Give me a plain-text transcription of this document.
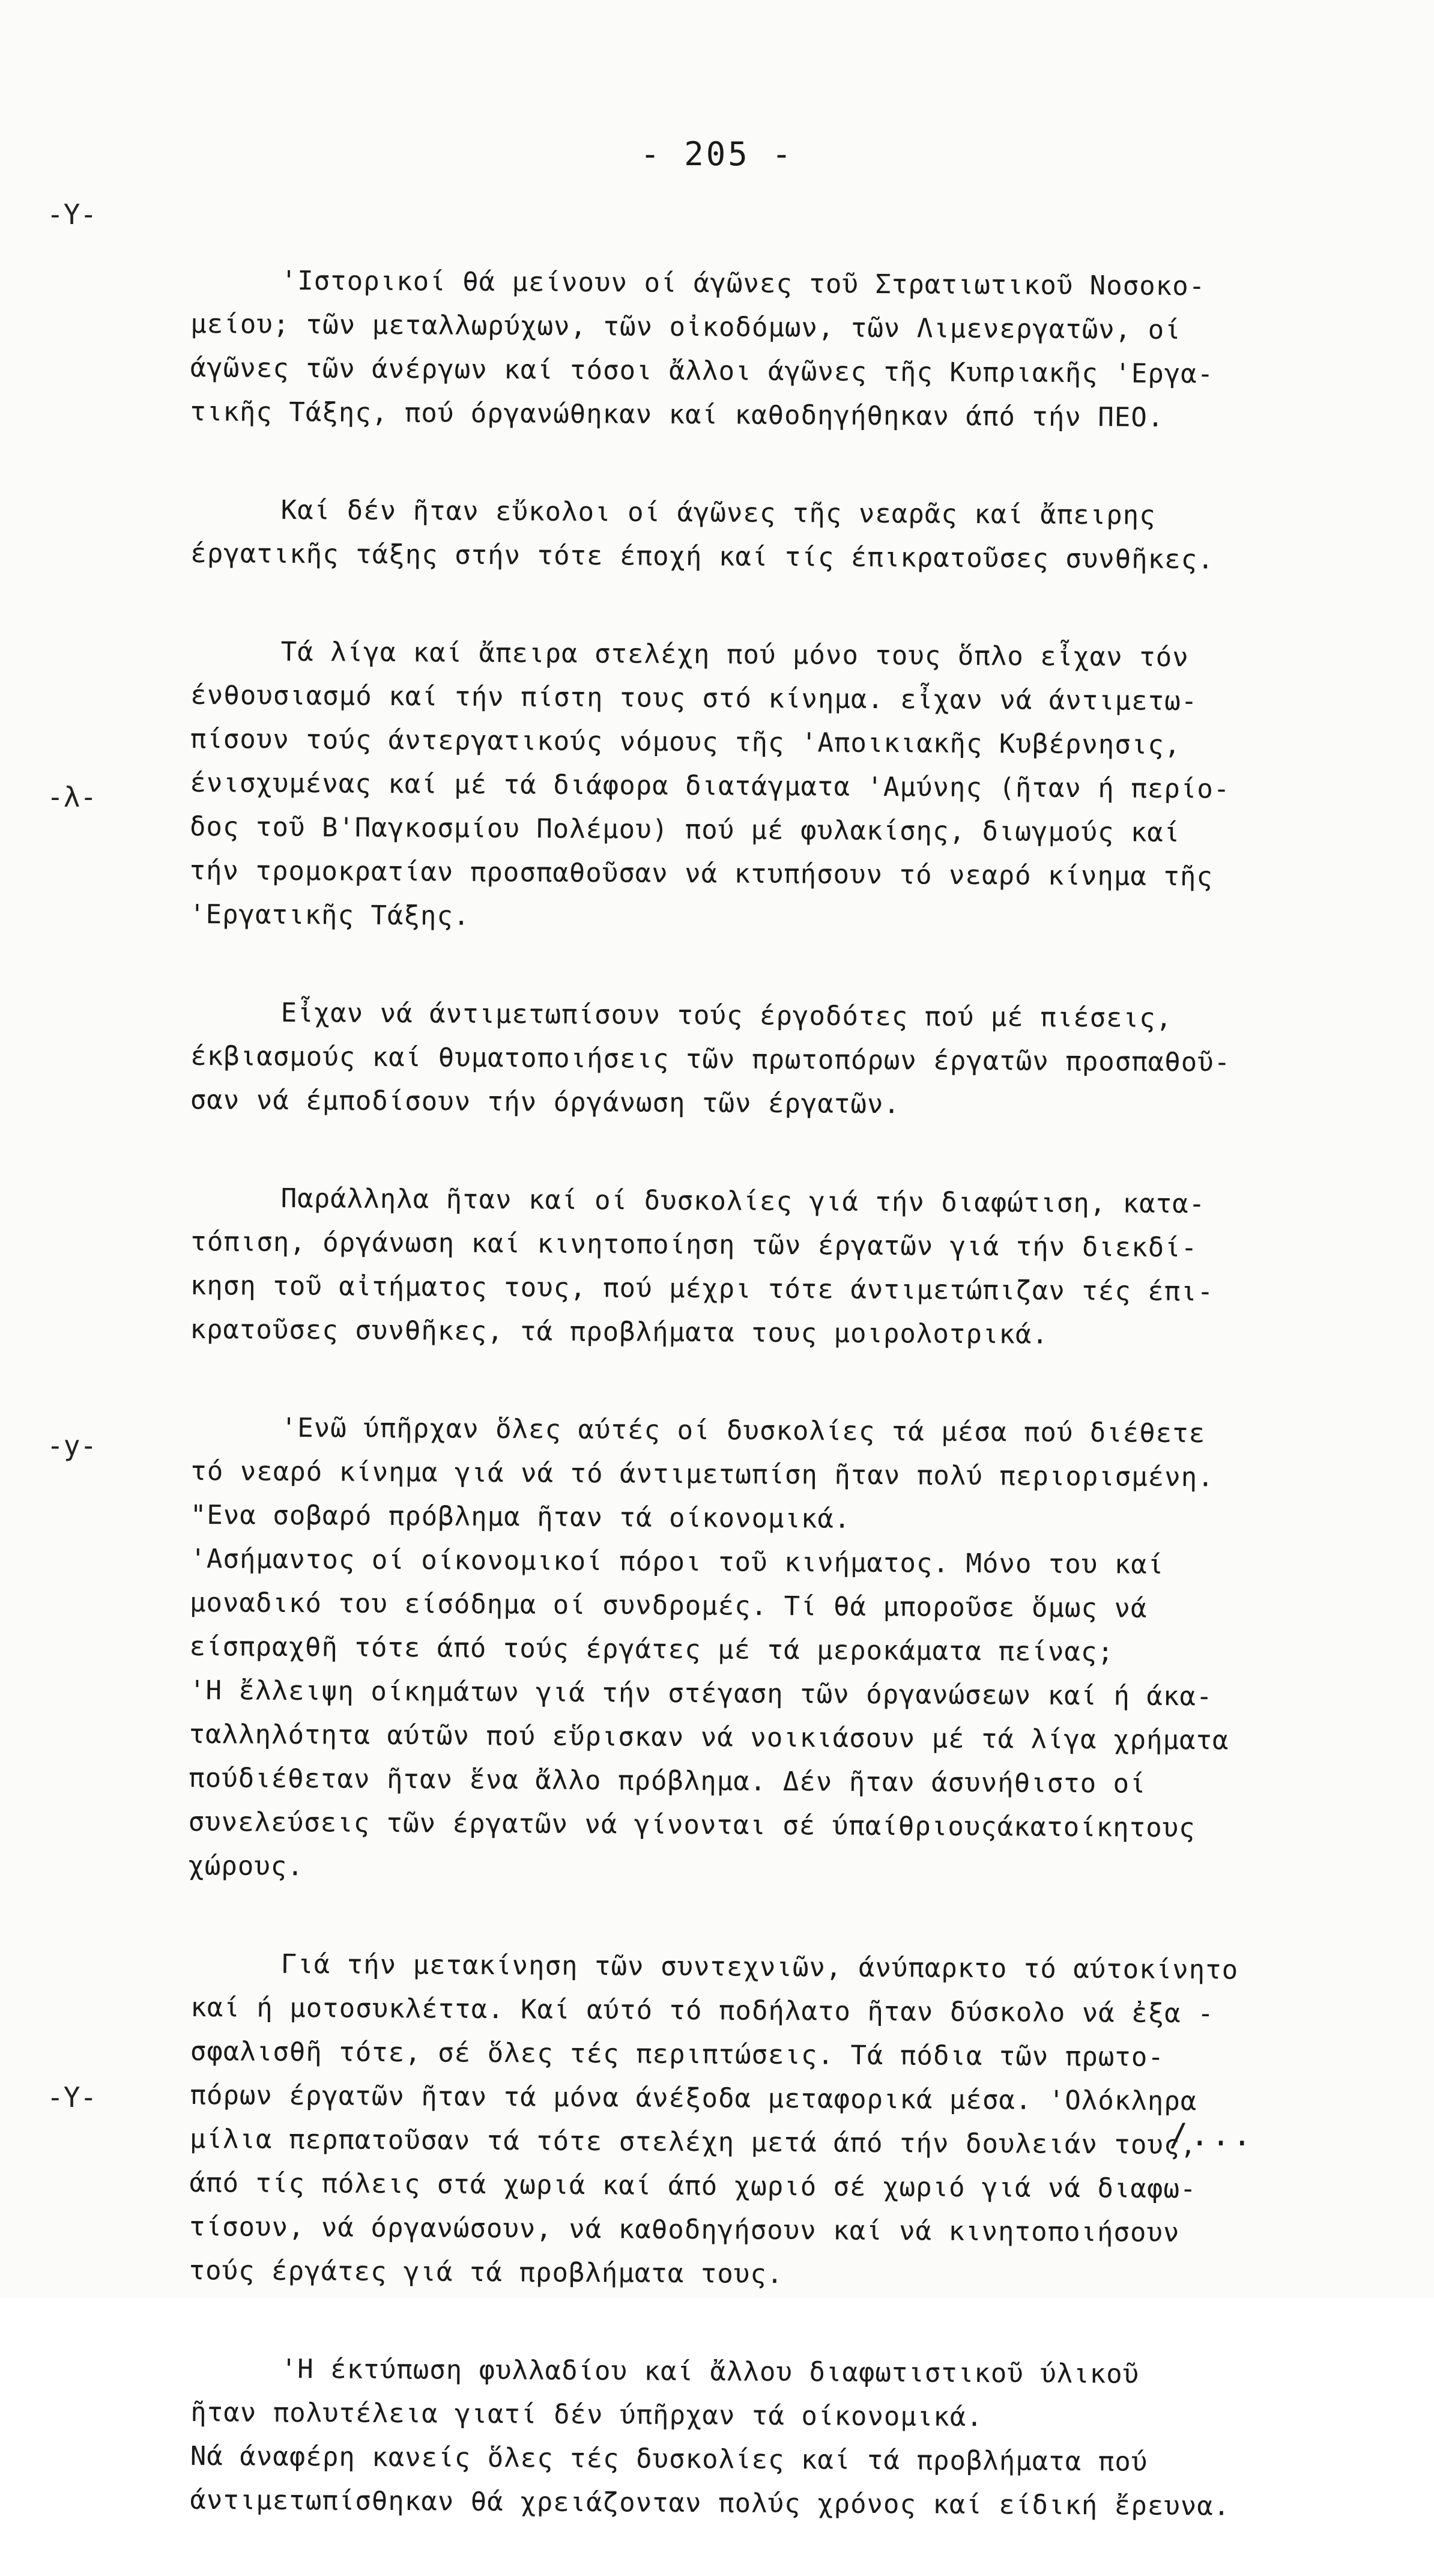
- 205 -
-Y-
-λ-
-y-
-Y-
'Ιστορικοί θά μείνουν οί άγῶνες τοῦ Στρατιωτικοῦ Νοσοκο-
μείου; τῶν μεταλλωρύχων, τῶν οἰκοδόμων, τῶν Λιμενεργατῶν, οί
άγῶνες τῶν άνέργων καί τόσοι ἄλλοι άγῶνες τῆς Κυπριακῆς 'Εργα-
τικῆς Τάξης, πού όργανώθηκαν καί καθοδηγήθηκαν άπό τήν ΠΕΟ.
Καί δέν ῆταν εὔκολοι οί άγῶνες τῆς νεαρᾶς καί ἄπειρης
έργατικῆς τάξης στήν τότε έποχή καί τίς έπικρατοῦσες συνθῆκες.
Τά λίγα καί ἄπειρα στελέχη πού μόνο τους ὅπλο εἶχαν τόν
ένθουσιασμό καί τήν πίστη τους στό κίνημα. εἶχαν νά άντιμετω-
πίσουν τούς άντεργατικούς νόμους τῆς 'Αποικιακῆς Κυβέρνησις,
ένισχυμένας καί μέ τά διάφορα διατάγματα 'Αμύνης (ῆταν ή περίο-
δος τοῦ Β'Παγκοσμίου Πολέμου) πού μέ φυλακίσης, διωγμούς καί
τήν τρομοκρατίαν προσπαθοῦσαν νά κτυπήσουν τό νεαρό κίνημα τῆς
'Εργατικῆς Τάξης.
Εἶχαν νά άντιμετωπίσουν τούς έργοδότες πού μέ πιέσεις,
έκβιασμούς καί θυματοποιήσεις τῶν πρωτοπόρων έργατῶν προσπαθοῦ-
σαν νά έμποδίσουν τήν όργάνωση τῶν έργατῶν.
Παράλληλα ῆταν καί οί δυσκολίες γιά τήν διαφώτιση, κατα-
τόπιση, όργάνωση καί κινητοποίηση τῶν έργατῶν γιά τήν διεκδί-
κηση τοῦ αἰτήματος τους, πού μέχρι τότε άντιμετώπιζαν τές έπι-
κρατοῦσες συνθῆκες, τά προβλήματα τους μοιρολοτρικά.
'Ενῶ ύπῆρχαν ὅλες αύτές οί δυσκολίες τά μέσα πού διέθετε
τό νεαρό κίνημα γιά νά τό άντιμετωπίση ῆταν πολύ περιορισμένη.
"Ενα σοβαρό πρόβλημα ῆταν τά οίκονομικά.
'Ασήμαντος οί οίκονομικοί πόροι τοῦ κινήματος. Μόνο του καί
μοναδικό του είσόδημα οί συνδρομές. Τί θά μποροῦσε ὅμως νά
είσπραχθῆ τότε άπό τούς έργάτες μέ τά μεροκάματα πείνας;
'Η ἔλλειψη οίκημάτων γιά τήν στέγαση τῶν όργανώσεων καί ή άκα-
ταλληλότητα αύτῶν πού εὕρισκαν νά νοικιάσουν μέ τά λίγα χρήματα
πούδιέθεταν ῆταν ἕνα ἄλλο πρόβλημα. Δέν ῆταν άσυνήθιστο οί
συνελεύσεις τῶν έργατῶν νά γίνονται σέ ύπαίθριουςάκατοίκητους
χώρους.
Γιά τήν μετακίνηση τῶν συντεχνιῶν, άνύπαρκτο τό αύτοκίνητο
καί ή μοτοσυκλέττα. Καί αύτό τό ποδήλατο ῆταν δύσκολο νά ἐξα -
σφαλισθῆ τότε, σέ ὅλες τές περιπτώσεις. Τά πόδια τῶν πρωτο-
πόρων έργατῶν ῆταν τά μόνα άνέξοδα μεταφορικά μέσα. 'Ολόκληρα
μίλια περπατοῦσαν τά τότε στελέχη μετά άπό τήν δουλειάν τους,
άπό τίς πόλεις στά χωριά καί άπό χωριό σέ χωριό γιά νά διαφω-
τίσουν, νά όργανώσουν, νά καθοδηγήσουν καί νά κινητοποιήσουν
τούς έργάτες γιά τά προβλήματα τους.
'Η έκτύπωση φυλλαδίου καί ἄλλου διαφωτιστικοῦ ύλικοῦ
ῆταν πολυτέλεια γιατί δέν ύπῆρχαν τά οίκονομικά.
Νά άναφέρη κανείς ὅλες τές δυσκολίες καί τά προβλήματα πού
άντιμετωπίσθηκαν θά χρειάζονταν πολύς χρόνος καί είδική ἔρευνα.
/...
